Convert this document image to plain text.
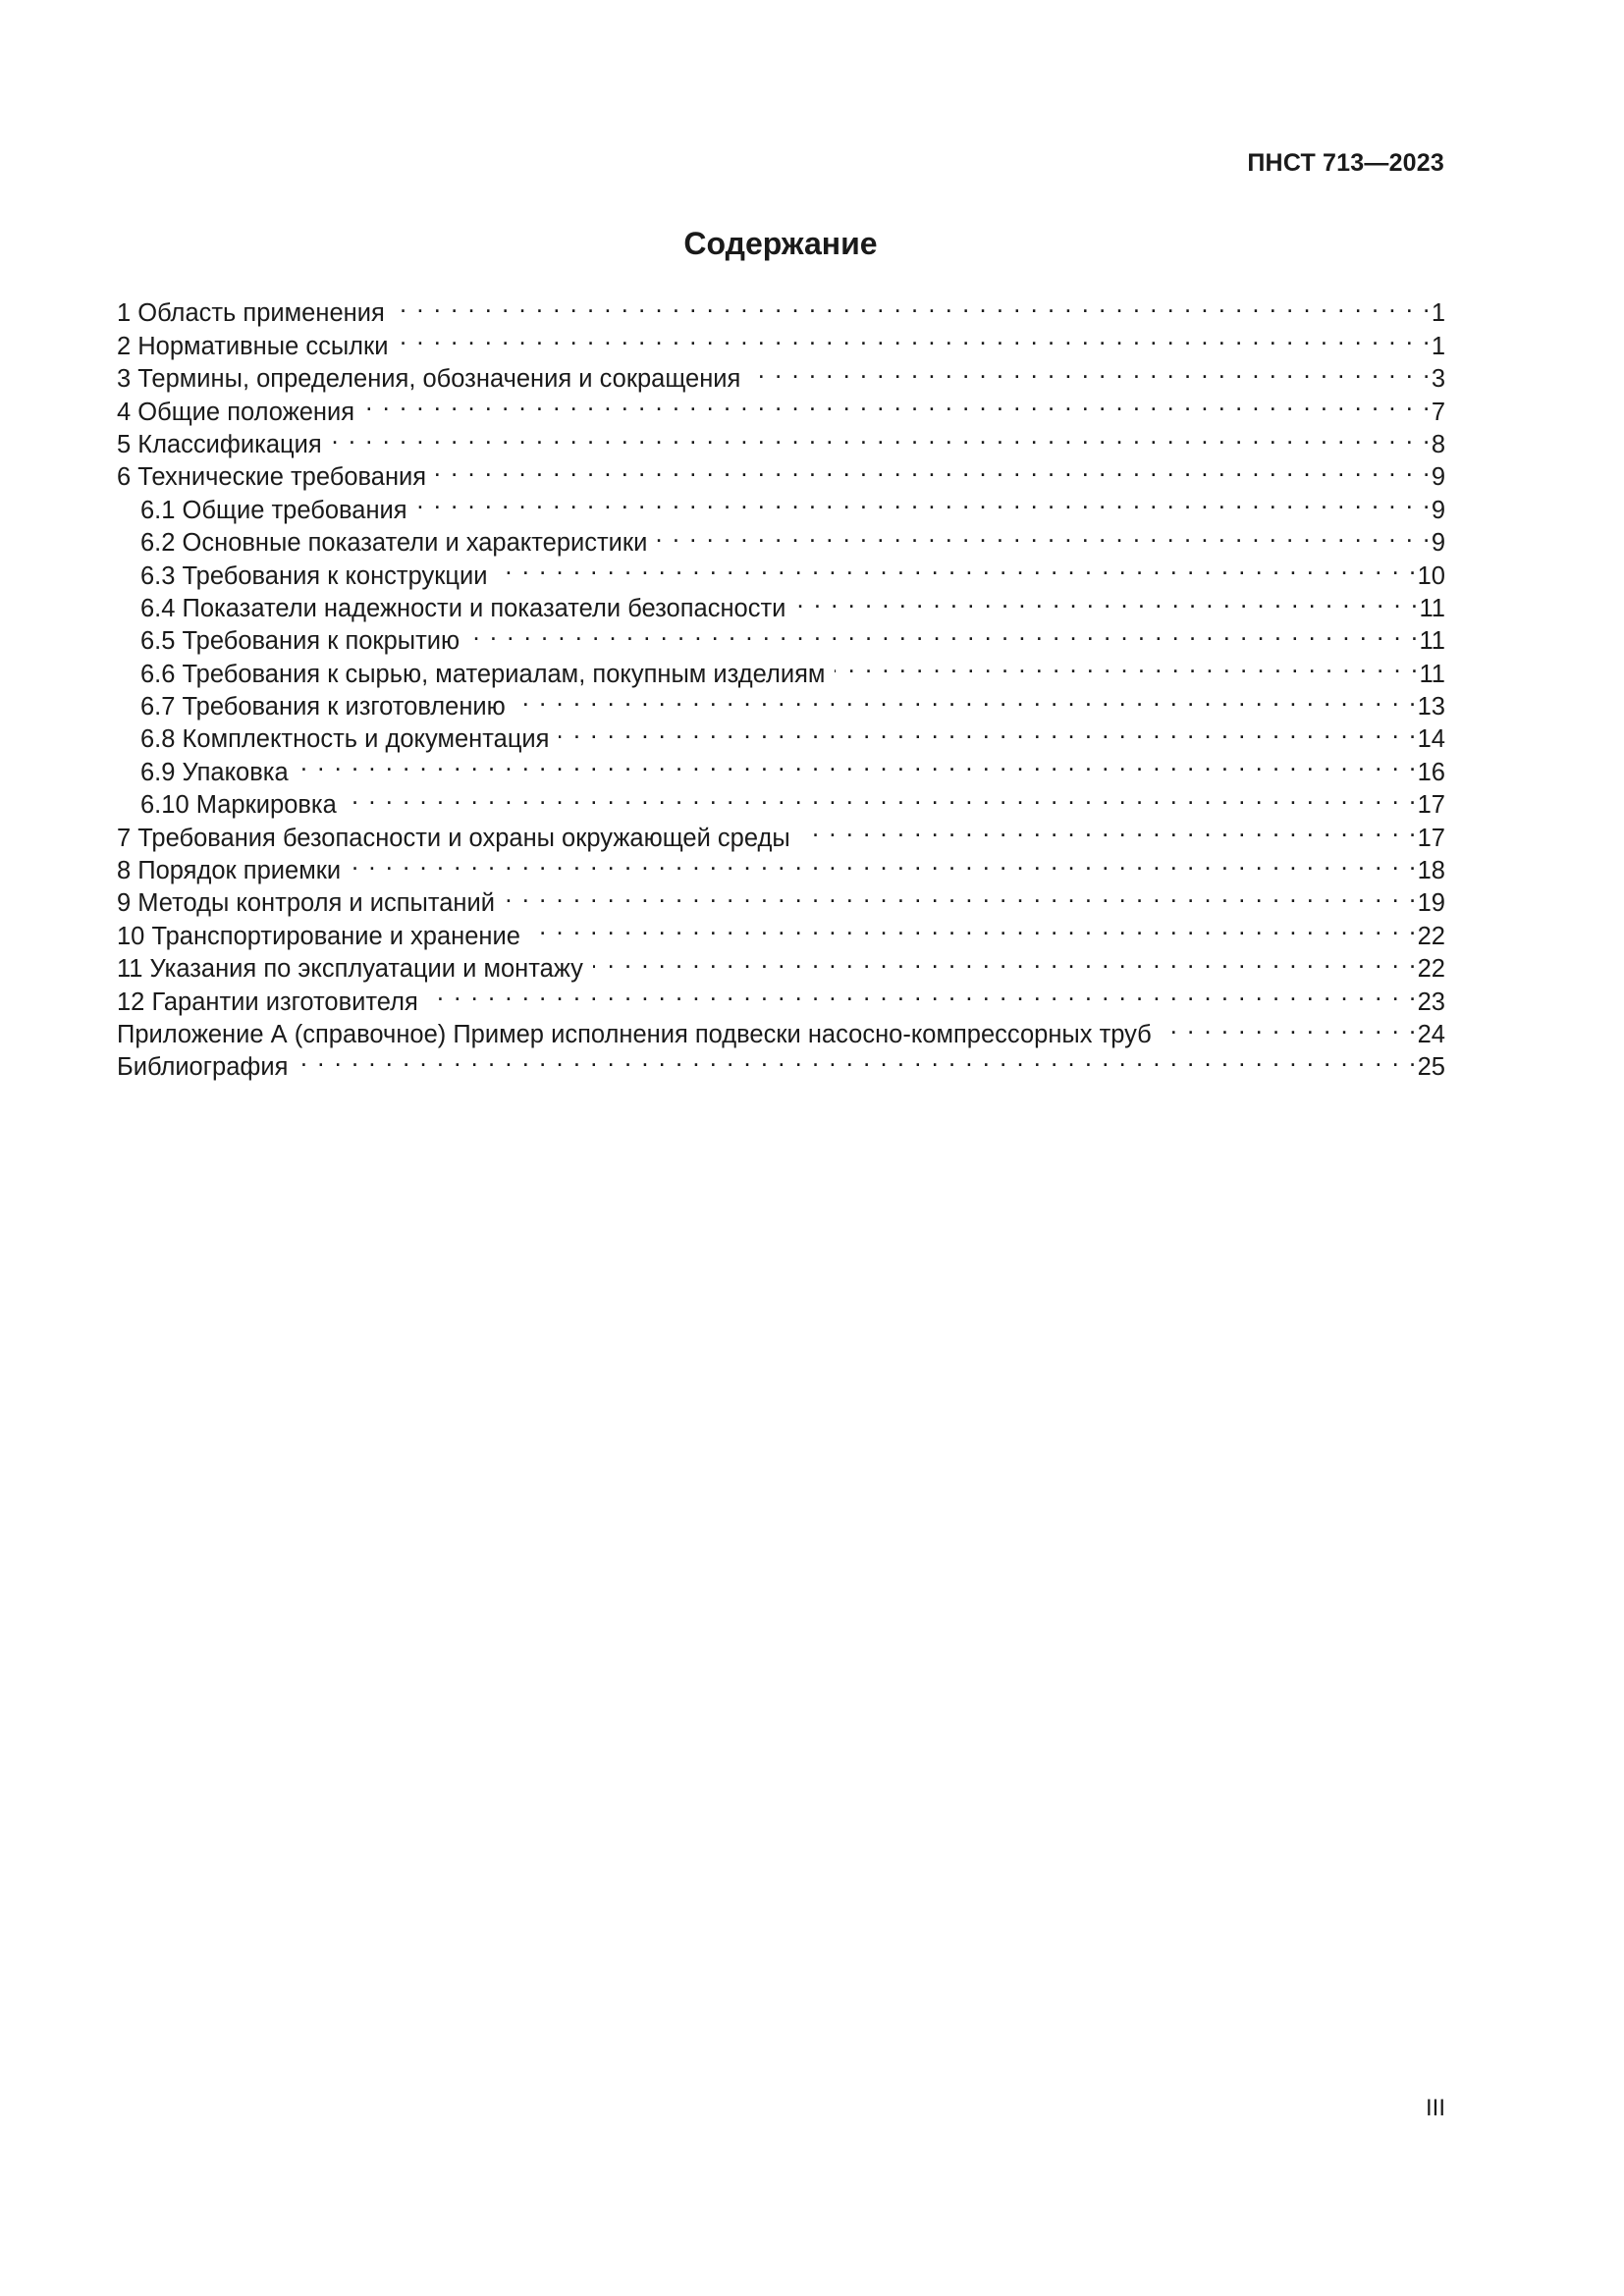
ПНСТ 713—2023
Содержание
1 Область применения . . .	1
2 Нормативные ссылки . . .	1
3 Термины, определения, обозначения и сокращения . . .	3
4 Общие положения . . .	7
5 Классификация . . .	8
6 Технические требования . . .	9
6.1 Общие требования . . .	9
6.2 Основные показатели и характеристики . . .	9
6.3 Требования к конструкции . . .	10
6.4 Показатели надежности и показатели безопасности . . .	11
6.5 Требования к покрытию . . .	11
6.6 Требования к сырью, материалам, покупным изделиям . . .	11
6.7 Требования к изготовлению . . .	13
6.8 Комплектность и документация . . .	14
6.9 Упаковка . . .	16
6.10 Маркировка . . .	17
7 Требования безопасности и охраны окружающей среды . . .	17
8 Порядок приемки . . .	18
9 Методы контроля и испытаний . . .	19
10 Транспортирование и хранение . . .	22
11 Указания по эксплуатации и монтажу . . .	22
12 Гарантии изготовителя . . .	23
Приложение А (справочное) Пример исполнения подвески насосно-компрессорных труб . . .	24
Библиография . . .	25
III
